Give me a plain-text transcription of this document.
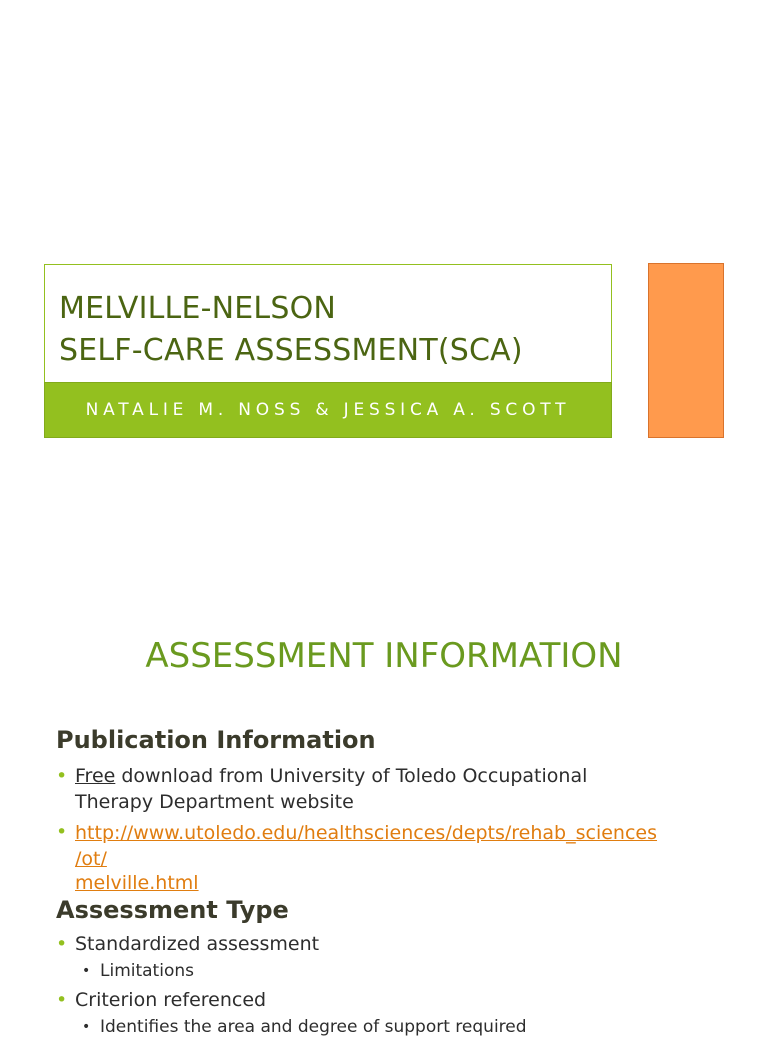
MELVILLE-NELSON
SELF-CARE ASSESSMENT(SCA)
NATALIE M. NOSS & JESSICA A. SCOTT
ASSESSMENT INFORMATION
Publication Information
• Free download from University of Toledo Occupational
Therapy Department website
• http://www.utoledo.edu/healthsciences/depts/rehab_sciences
/ot/
melville.html
Assessment Type
• Standardized assessment
• Limitations
• Criterion referenced
• Identifies the area and degree of support required
